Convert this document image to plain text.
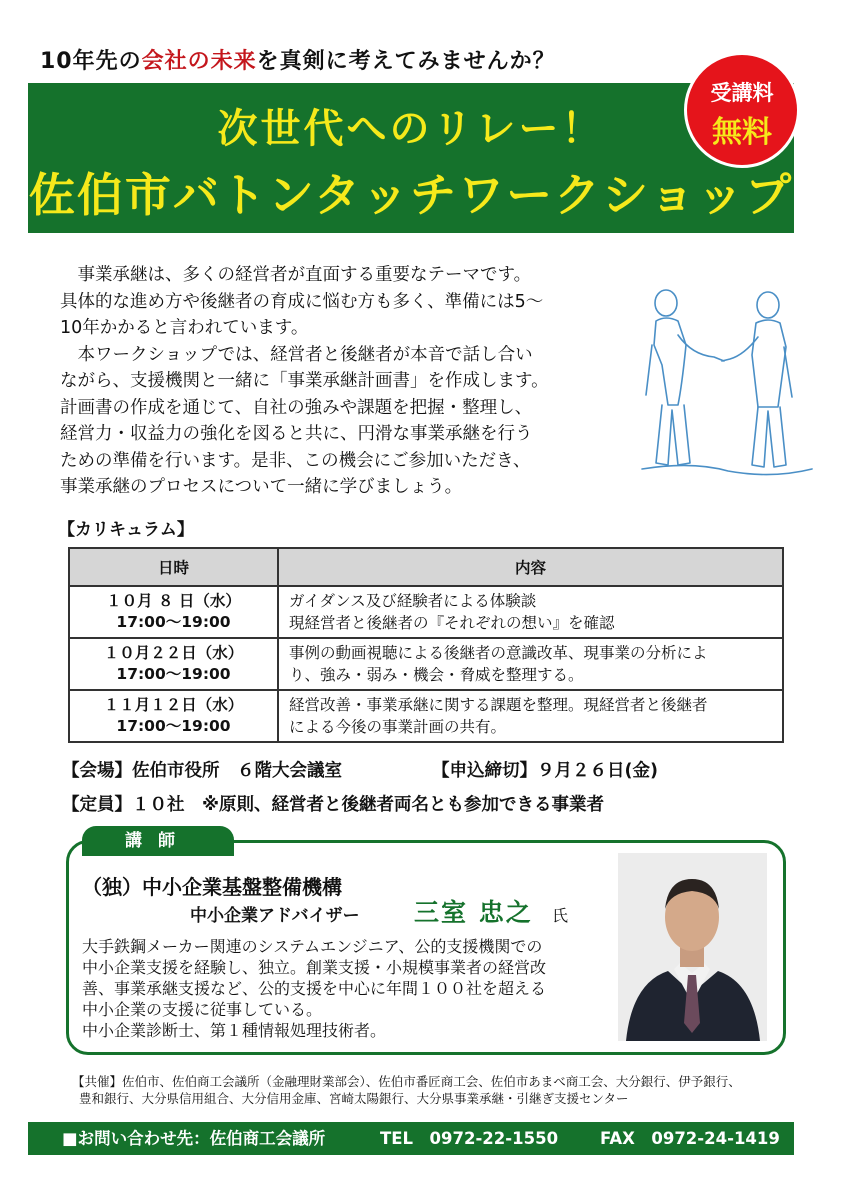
10年先の会社の未来を真剣に考えてみませんか？
次世代へのリレー！
佐伯市バトンタッチワークショップ
受講料
無料

　事業承継は、多くの経営者が直面する重要なテーマです。

具体的な進め方や後継者の育成に悩む方も多く、準備には5〜

10年かかると言われています。

　本ワークショップでは、経営者と後継者が本音で話し合い

ながら、支援機関と一緒に「事業承継計画書」を作成します。

計画書の作成を通じて、自社の強みや課題を把握・整理し、

経営力・収益力の強化を図ると共に、円滑な事業承継を行う

ための準備を行います。是非、この機会にご参加いただき、

事業承継のプロセスについて一緒に学びましょう。

【カリキュラム】
日時	内容
１０月 ８ 日（水）
17:00〜19:00	ガイダンス及び経験者による体験談
現経営者と後継者の『それぞれの想い』を確認
１０月２２日（水）
17:00〜19:00	事例の動画視聴による後継者の意識改革、現事業の分析によ
り、強み・弱み・機会・脅威を整理する。
１１月１２日（水）
17:00〜19:00	経営改善・事業承継に関する課題を整理。現経営者と後継者
による今後の事業計画の共有。
【会場】佐伯市役所　６階大会議室	【申込締切】９月２６日(金)
【定員】１０社　※原則、経営者と後継者両名とも参加できる事業者
講師
（独）中小企業基盤整備機構
中小企業アドバイザー 三室 忠之 氏

大手鉄鋼メーカー関連のシステムエンジニア、公的支援機関での

中小企業支援を経験し、独立。創業支援・小規模事業者の経営改

善、事業承継支援など、公的支援を中心に年間１００社を超える

中小企業の支援に従事している。

中小企業診断士、第１種情報処理技術者。

【共催】佐伯市、佐伯商工会議所（金融理財業部会）、佐伯市番匠商工会、佐伯市あまべ商工会、大分銀行、伊予銀行、
豊和銀行、大分県信用組合、大分信用金庫、宮崎太陽銀行、大分県事業承継・引継ぎ支援センター
■お問い合わせ先：佐伯商工会議所	TEL　0972-22-1550	FAX　0972-24-1419
